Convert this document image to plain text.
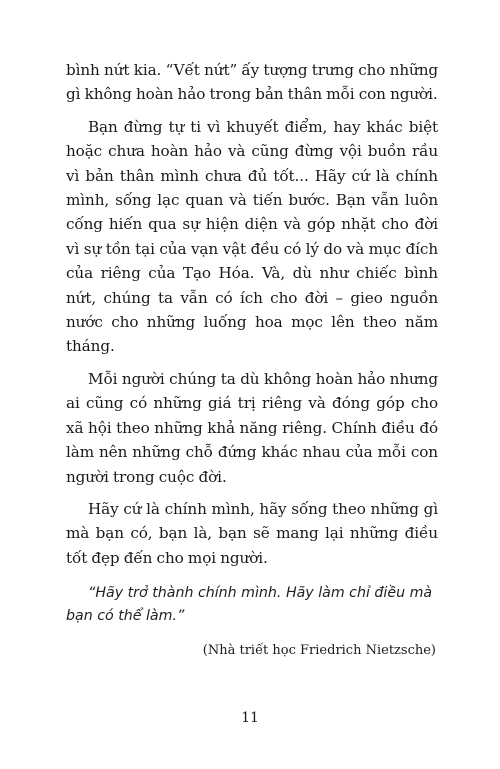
bình nứt kia. “Vết nứt” ấy tượng trưng cho những gì không hoàn hảo trong bản thân mỗi con người.

Bạn đừng tự ti vì khuyết điểm, hay khác biệt hoặc chưa hoàn hảo và cũng đừng vội buồn rầu vì bản thân mình chưa đủ tốt... Hãy cứ là chính mình, sống lạc quan và tiến bước. Bạn vẫn luôn cống hiến qua sự hiện diện và góp nhặt cho đời vì sự tồn tại của vạn vật đều có lý do và mục đích của riêng của Tạo Hóa. Và, dù như chiếc bình nứt, chúng ta vẫn có ích cho đời – gieo nguồn nước cho những luống hoa mọc lên theo năm tháng.

Mỗi người chúng ta dù không hoàn hảo nhưng ai cũng có những giá trị riêng và đóng góp cho xã hội theo những khả năng riêng. Chính điều đó làm nên những chỗ đứng khác nhau của mỗi con người trong cuộc đời.

Hãy cứ là chính mình, hãy sống theo những gì mà bạn có, bạn là, bạn sẽ mang lại những điều tốt đẹp đến cho mọi người.

“Hãy trở thành chính mình. Hãy làm chỉ điều mà bạn có thể làm.”
(Nhà triết học Friedrich Nietzsche)
11
